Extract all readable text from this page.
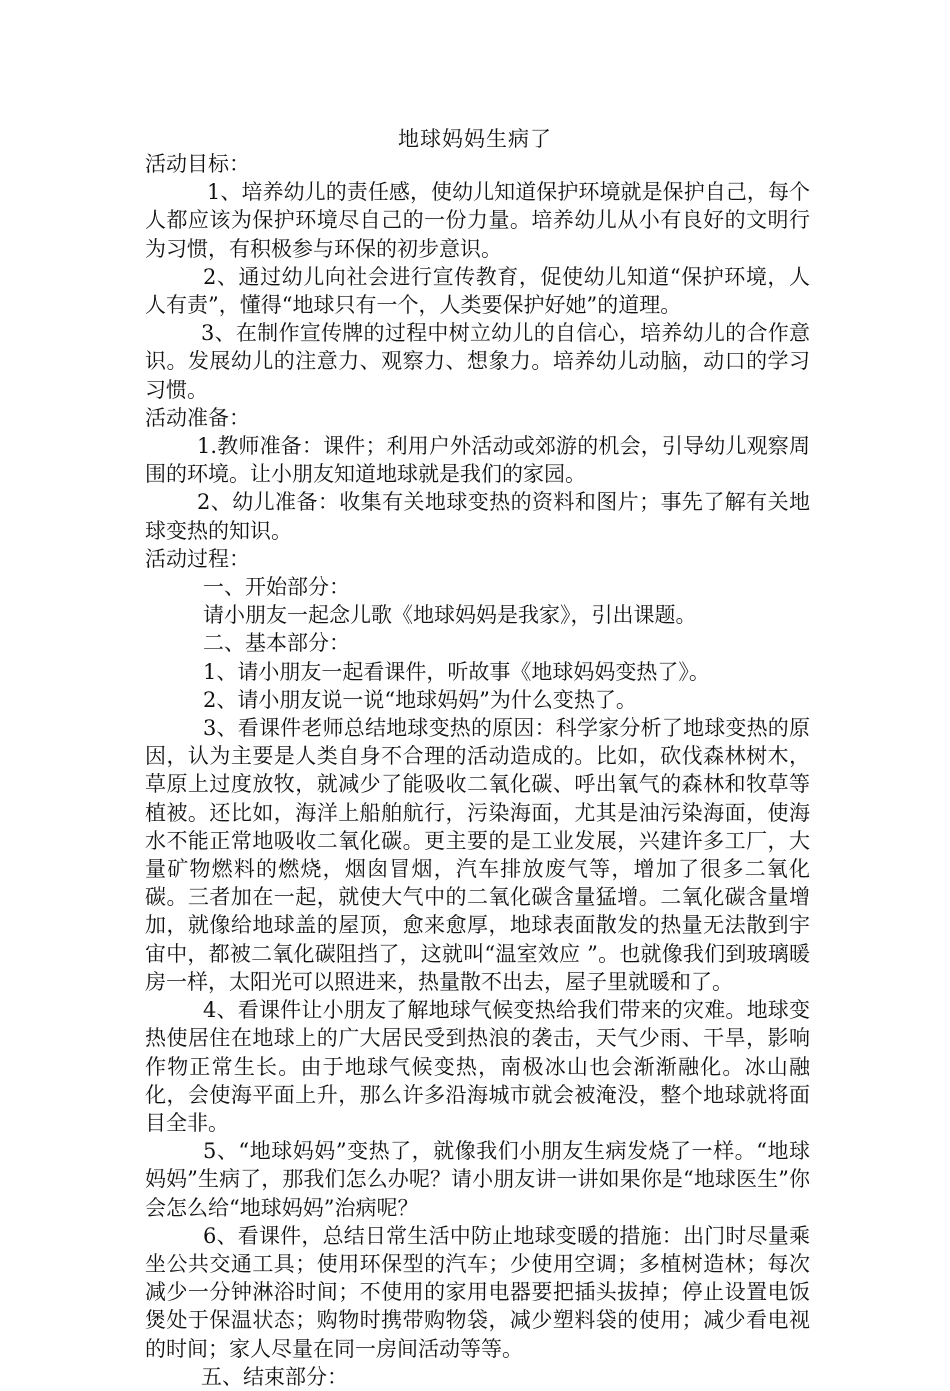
地球妈妈生病了

活动目标：

1、培养幼儿的责任感，使幼儿知道保护环境就是保护自己，每个人都应该为保护环境尽自己的一份力量。培养幼儿从小有良好的文明行为习惯，有积极参与环保的初步意识。

2、通过幼儿向社会进行宣传教育，促使幼儿知道“保护环境，人人有责”，懂得“地球只有一个，人类要保护好她”的道理。

3、在制作宣传牌的过程中树立幼儿的自信心，培养幼儿的合作意识。发展幼儿的注意力、观察力、想象力。培养幼儿动脑，动口的学习习惯。

活动准备：

1.教师准备：课件；利用户外活动或郊游的机会，引导幼儿观察周围的环境。让小朋友知道地球就是我们的家园。

2、幼儿准备：收集有关地球变热的资料和图片；事先了解有关地球变热的知识。

活动过程：

一、开始部分：

请小朋友一起念儿歌《地球妈妈是我家》，引出课题。

二、基本部分：

1、请小朋友一起看课件，听故事《地球妈妈变热了》。

2、请小朋友说一说“地球妈妈”为什么变热了。

3、看课件老师总结地球变热的原因：科学家分析了地球变热的原因，认为主要是人类自身不合理的活动造成的。比如，砍伐森林树木，草原上过度放牧，就减少了能吸收二氧化碳、呼出氧气的森林和牧草等植被。还比如，海洋上船舶航行，污染海面，尤其是油污染海面，使海水不能正常地吸收二氧化碳。更主要的是工业发展，兴建许多工厂，大量矿物燃料的燃烧，烟囱冒烟，汽车排放废气等，增加了很多二氧化碳。三者加在一起，就使大气中的二氧化碳含量猛增。二氧化碳含量增加，就像给地球盖的屋顶，愈来愈厚，地球表面散发的热量无法散到宇宙中，都被二氧化碳阻挡了，这就叫“温室效应 ”。也就像我们到玻璃暖房一样，太阳光可以照进来，热量散不出去，屋子里就暖和了。

4、看课件让小朋友了解地球气候变热给我们带来的灾难。地球变热使居住在地球上的广大居民受到热浪的袭击，天气少雨、干旱，影响作物正常生长。由于地球气候变热，南极冰山也会渐渐融化。冰山融化，会使海平面上升，那么许多沿海城市就会被淹没，整个地球就将面目全非。

5、“地球妈妈”变热了，就像我们小朋友生病发烧了一样。“地球妈妈”生病了，那我们怎么办呢？请小朋友讲一讲如果你是“地球医生”你会怎么给“地球妈妈”治病呢？

6、看课件，总结日常生活中防止地球变暖的措施：出门时尽量乘坐公共交通工具；使用环保型的汽车；少使用空调；多植树造林；每次减少一分钟淋浴时间；不使用的家用电器要把插头拔掉；停止设置电饭煲处于保温状态；购物时携带购物袋，减少塑料袋的使用；减少看电视的时间；家人尽量在同一房间活动等等。

五、结束部分：
